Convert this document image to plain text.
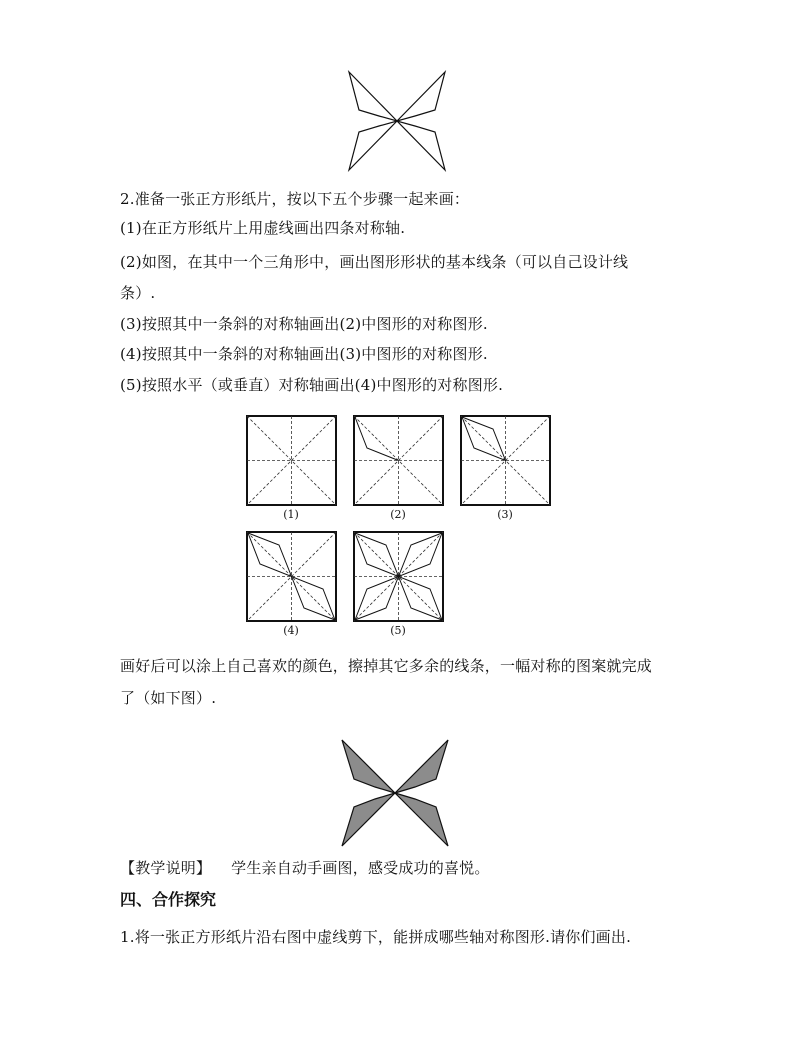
2.准备一张正方形纸片，按以下五个步骤一起来画：
(1)在正方形纸片上用虚线画出四条对称轴.
(2)如图，在其中一个三角形中，画出图形形状的基本线条（可以自己设计线
条）.
(3)按照其中一条斜的对称轴画出(2)中图形的对称图形.
(4)按照其中一条斜的对称轴画出(3)中图形的对称图形.
(5)按照水平（或垂直）对称轴画出(4)中图形的对称图形.
(1)	(2)	(3)
(4)	(5)
画好后可以涂上自己喜欢的颜色，擦掉其它多余的线条，一幅对称的图案就完成
了（如下图）.
【教学说明】 学生亲自动手画图，感受成功的喜悦。
四、合作探究
1.将一张正方形纸片沿右图中虚线剪下，能拼成哪些轴对称图形.请你们画出.
